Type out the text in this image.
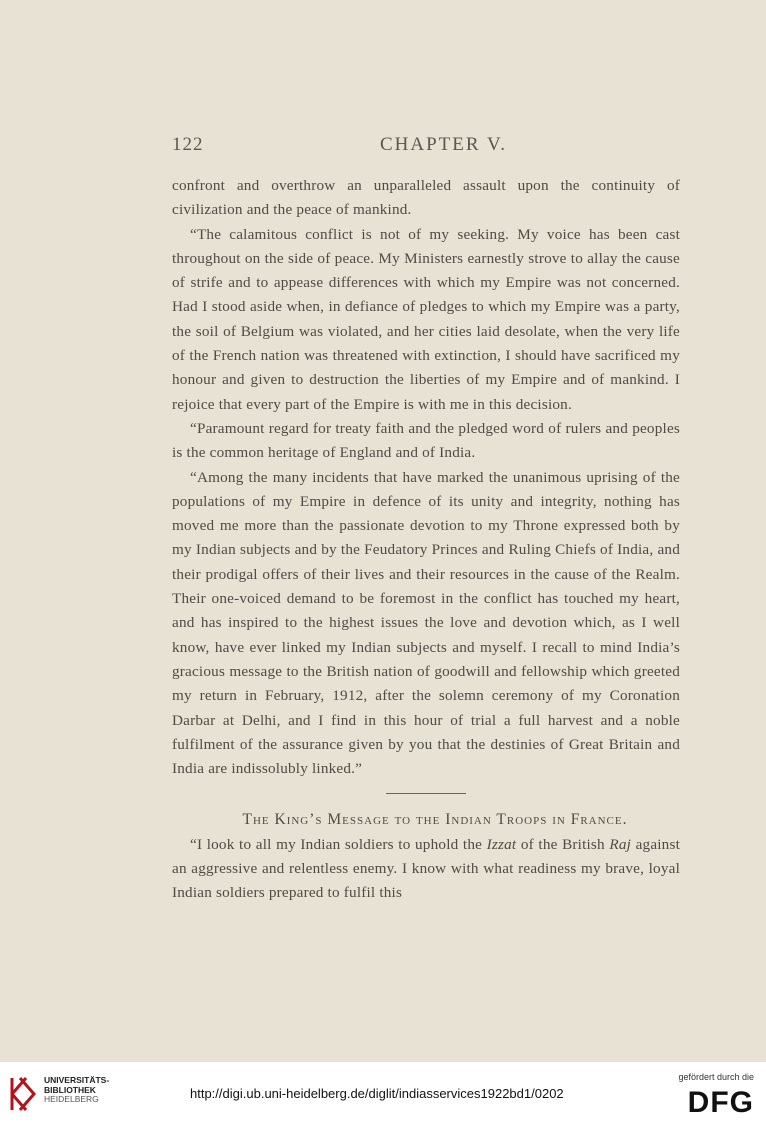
122	CHAPTER V.

confront and overthrow an unparalleled assault upon the continuity of civilization and the peace of mankind.

“The calamitous conflict is not of my seeking. My voice has been cast throughout on the side of peace. My Ministers earnestly strove to allay the cause of strife and to appease differences with which my Empire was not concerned. Had I stood aside when, in defiance of pledges to which my Empire was a party, the soil of Belgium was violated, and her cities laid desolate, when the very life of the French nation was threatened with extinction, I should have sacrificed my honour and given to destruction the liberties of my Empire and of mankind. I rejoice that every part of the Empire is with me in this decision.

“Paramount regard for treaty faith and the pledged word of rulers and peoples is the common heritage of England and of India.

“Among the many incidents that have marked the unanimous uprising of the populations of my Empire in defence of its unity and integrity, nothing has moved me more than the passionate devotion to my Throne expressed both by my Indian subjects and by the Feudatory Princes and Ruling Chiefs of India, and their prodigal offers of their lives and their resources in the cause of the Realm. Their one-voiced demand to be foremost in the conflict has touched my heart, and has inspired to the highest issues the love and devotion which, as I well know, have ever linked my Indian subjects and myself. I recall to mind India’s gracious message to the British nation of goodwill and fellowship which greeted my return in February, 1912, after the solemn ceremony of my Coronation Darbar at Delhi, and I find in this hour of trial a full harvest and a noble fulfilment of the assurance given by you that the destinies of Great Britain and India are indissolubly linked.”

The King’s Message to the Indian Troops in France.

“I look to all my Indian soldiers to uphold the Izzat of the British Raj against an aggressive and relentless enemy. I know with what readiness my brave, loyal Indian soldiers prepared to fulfil this

UNIVERSITÄTS-
BIBLIOTHEK
HEIDELBERG	http://digi.ub.uni-heidelberg.de/diglit/indiasservices1922bd1/0202
gefördert durch die
DFG
